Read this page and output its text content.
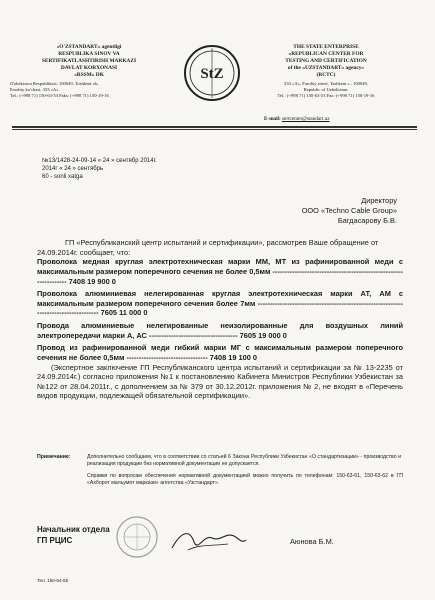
«O'ZSTANDART» agentligi
RESPUBLIKA SINOV VA
SERTIFIKATLASHTIRISH MARKAZI
DAVLAT KORXONASI
«RSSM» DK
O'zbekiston Respublikasi, 100049, Toshkent sh.,
Farobiy ko'chasi, 333 «A»
Tel.: (+998 71) 150-63-53 Faks: (+998 71) 150-19-16
StZ
THE STATE ENTERPRISE
«REPUBLICAN CENTER FOR
TESTING AND CERTIFICATION
of the «UZSTANDART» agency»
(RCTC)
333 «A», Farobiy street, Tashkent c., 100049,
Republic of Uzbekistan.
Tel.: (+998 71) 150-63-53 Fax: (+998 71) 150-19-16
E-mail: sertcenter@standart.uz
№13/1428-24-09-14 « 24 » сентябр 2014г.
2014г « 24 » сентябрь
60 - sonli xatga
Директору
ООО «Techno Cable Group»
Багдасарову Б.В.

ГП «Республиканский центр испытаний и сертификации», рассмотрев Ваше обращение от 24.09.2014г. сообщает, что:

Проволока медная круглая электротехническая марки ММ, МТ из рафинированной меди с максимальным размером поперечного сечения не более 0,5мм ----------------------------------------------------------------- 7408 19 900 0

Проволока алюминиевая нелегированная круглая электротехническая марки АТ, АМ с максимальным размером поперечного сечения более 7мм ------------------------------------------------------------------------------------ 7605 11 000 0

Провода алюминиевые нелегированные неизолированные для воздушных линий электропередачи марки А, АС ------------------------------------ 7605 19 000 0

Провод из рафинированной меди гибкий марки МГ с максимальным размером поперечного сечения не более 0,5мм --------------------------------- 7408 19 100 0

(Экспертное заключение ГП Республиканского центра испытаний и сертификации за № 13-2235 от 24.09.2014г.) согласно приложения №1 к постановлению Кабинета Министров Республики Узбекистан за №122 от 28.04.2011г., с дополнением за № 379 от 30.12.2012г. приложения № 2, не входят в «Перечень видов продукции, подлежащей обязательной сертификации».

Примечание:	Дополнительно сообщаем, что в соответствии со статьей 6 Закона Республики Узбекистан «О стандартизации» - производство и реализация продукции без нормативной документации не допускается.
Справки по вопросам обеспечения нормативной документацией можно получить по телефонам: 150-63-61, 150-63-62 в ГП «Ахборот мальумот маркази» агентства «Узстандарт».
Начальник отдела
ГП РЦИС	Аюнова Б.М.
Тел. 150-64-55
